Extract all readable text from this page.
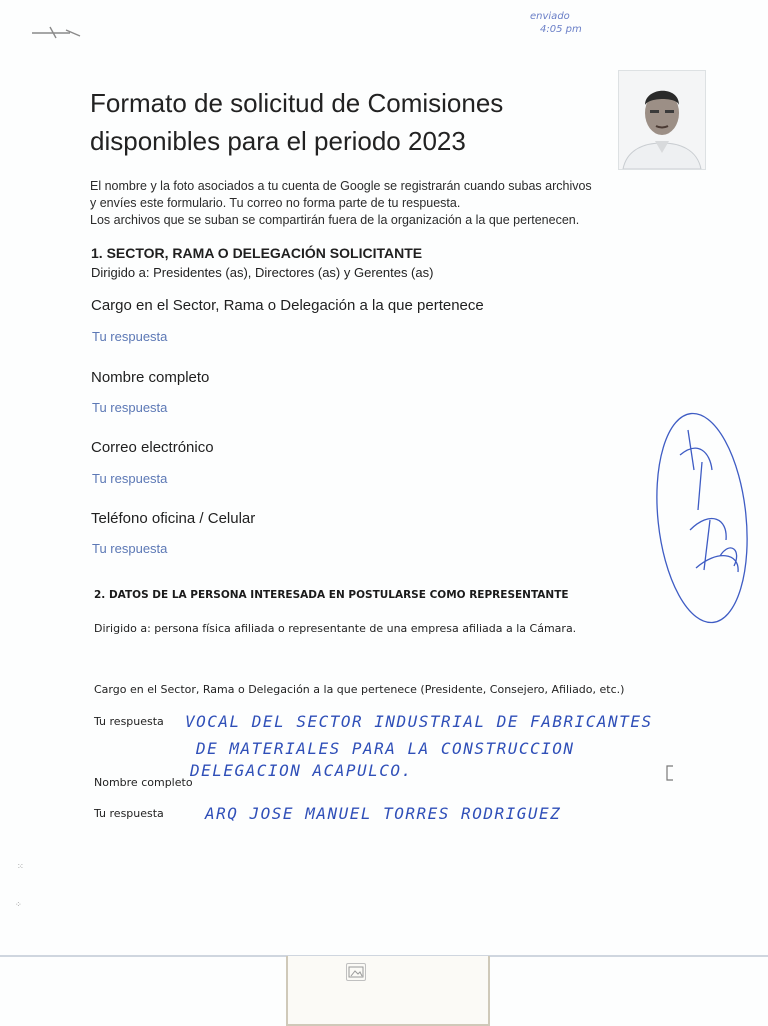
enviado
4:05 pm
Formato de solicitud de Comisiones disponibles para el periodo 2023
El nombre y la foto asociados a tu cuenta de Google se registrarán cuando subas archivos
y envíes este formulario. Tu correo no forma parte de tu respuesta.
Los archivos que se suban se compartirán fuera de la organización a la que pertenecen.
1. SECTOR, RAMA O DELEGACIÓN SOLICITANTE
Dirigido a: Presidentes (as), Directores (as) y Gerentes (as)
Cargo en el Sector, Rama o Delegación a la que pertenece
Tu respuesta
Nombre completo
Tu respuesta
Correo electrónico
Tu respuesta
Teléfono oficina / Celular
Tu respuesta
2. DATOS DE LA PERSONA INTERESADA EN POSTULARSE COMO REPRESENTANTE
Dirigido a: persona física afiliada o representante de una empresa afiliada a la Cámara.
Cargo en el Sector, Rama o Delegación a la que pertenece (Presidente, Consejero, Afiliado, etc.)
Tu respuesta VOCAL DEL SECTOR INDUSTRIAL DE FABRICANTES
DE MATERIALES PARA LA CONSTRUCCION
DELEGACION ACAPULCO.
Nombre completo
Tu respuesta	ARQ JOSE MANUEL TORRES RODRIGUEZ
⁙
⁘
